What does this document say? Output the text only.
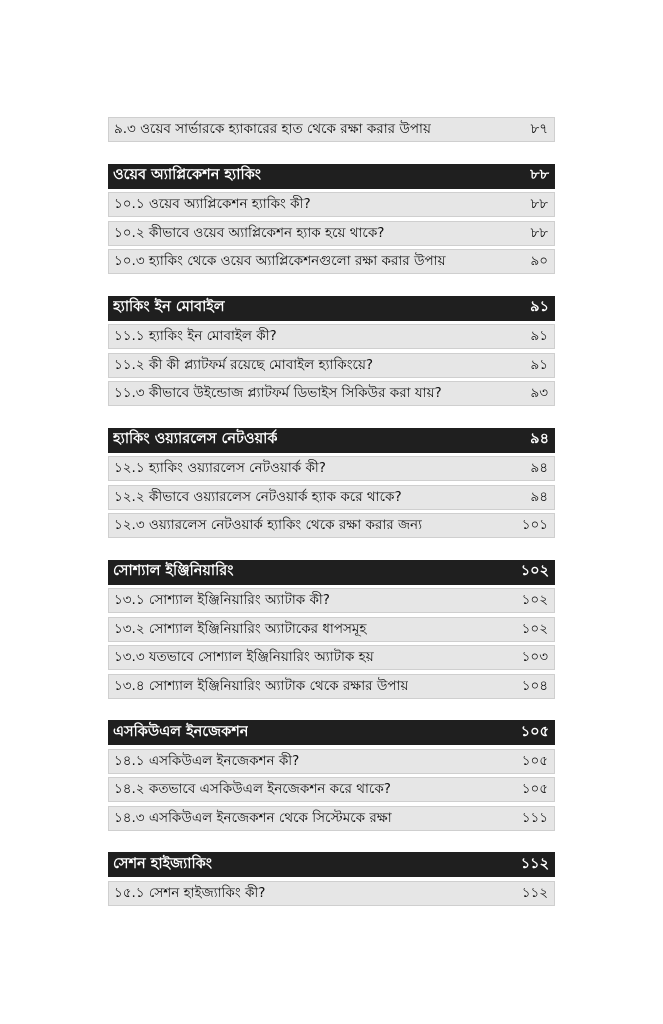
৯.৩ ওয়েব সার্ভারকে হ্যাকারের হাত থেকে রক্ষা করার উপায়	৮৭
ওয়েব অ্যাপ্লিকেশন হ্যাকিং	৮৮
১০.১ ওয়েব অ্যাপ্লিকেশন হ্যাকিং কী?	৮৮
১০.২ কীভাবে ওয়েব অ্যাপ্লিকেশন হ্যাক হয়ে থাকে?	৮৮
১০.৩ হ্যাকিং থেকে ওয়েব অ্যাপ্লিকেশনগুলো রক্ষা করার উপায়	৯০
হ্যাকিং ইন মোবাইল	৯১
১১.১ হ্যাকিং ইন মোবাইল কী?	৯১
১১.২ কী কী প্ল্যাটফর্ম রয়েছে মোবাইল হ্যাকিংয়ে?	৯১
১১.৩ কীভাবে উইন্ডোজ প্ল্যাটফর্ম ডিভাইস সিকিউর করা যায়?	৯৩
হ্যাকিং ওয়্যারলেস নেটওয়ার্ক	৯৪
১২.১ হ্যাকিং ওয়্যারলেস নেটওয়ার্ক কী?	৯৪
১২.২ কীভাবে ওয়্যারলেস নেটওয়ার্ক হ্যাক করে থাকে?	৯৪
১২.৩ ওয়্যারলেস নেটওয়ার্ক হ্যাকিং থেকে রক্ষা করার জন্য	১০১
সোশ্যাল ইঞ্জিনিয়ারিং	১০২
১৩.১ সোশ্যাল ইঞ্জিনিয়ারিং অ্যাটাক কী?	১০২
১৩.২ সোশ্যাল ইঞ্জিনিয়ারিং অ্যাটাকের ধাপসমূহ	১০২
১৩.৩ যতভাবে সোশ্যাল ইঞ্জিনিয়ারিং অ্যাটাক হয়	১০৩
১৩.৪ সোশ্যাল ইঞ্জিনিয়ারিং অ্যাটাক থেকে রক্ষার উপায়	১০৪
এসকিউএল ইনজেকশন	১০৫
১৪.১ এসকিউএল ইনজেকশন কী?	১০৫
১৪.২ কতভাবে এসকিউএল ইনজেকশন করে থাকে?	১০৫
১৪.৩ এসকিউএল ইনজেকশন থেকে সিস্টেমকে রক্ষা	১১১
সেশন হাইজ্যাকিং	১১২
১৫.১ সেশন হাইজ্যাকিং কী?	১১২
